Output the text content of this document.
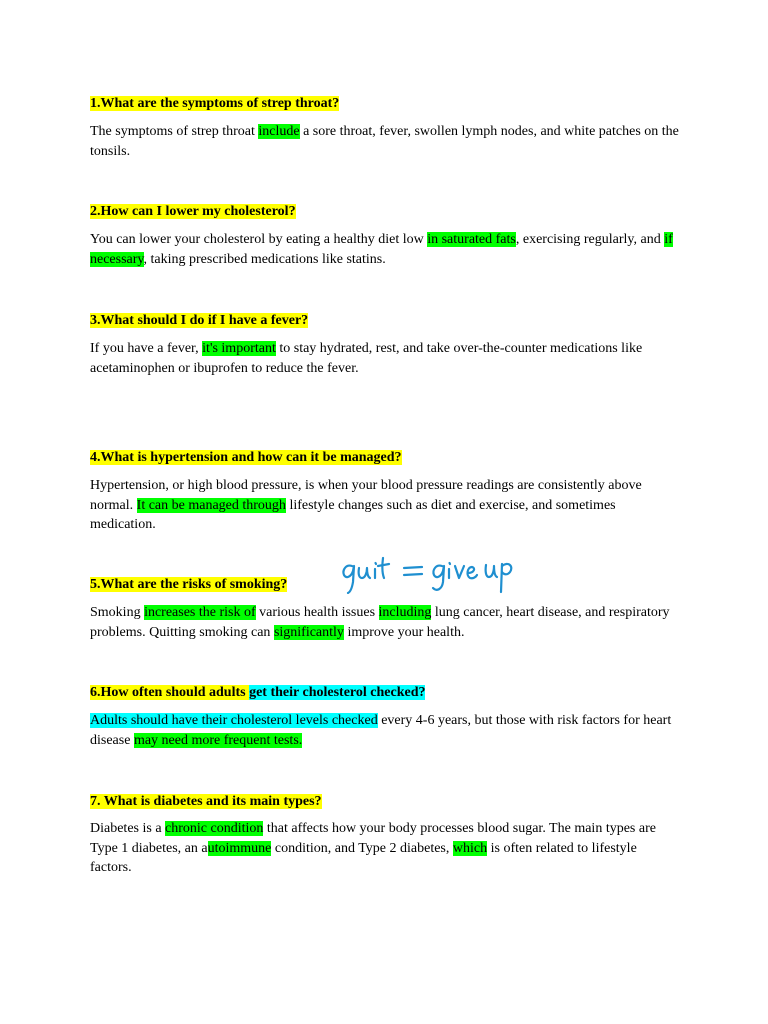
1.What are the symptoms of strep throat?

The symptoms of strep throat include a sore throat, fever, swollen lymph nodes, and white patches on the tonsils.

2.How can I lower my cholesterol?

You can lower your cholesterol by eating a healthy diet low in saturated fats, exercising regularly, and if necessary, taking prescribed medications like statins.

3.What should I do if I have a fever?

If you have a fever, it's important to stay hydrated, rest, and take over-the-counter medications like acetaminophen or ibuprofen to reduce the fever.

4.What is hypertension and how can it be managed?

Hypertension, or high blood pressure, is when your blood pressure readings are consistently above normal. It can be managed through lifestyle changes such as diet and exercise, and sometimes medication.

5.What are the risks of smoking?

Smoking increases the risk of various health issues including lung cancer, heart disease, and respiratory problems. Quitting smoking can significantly improve your health.

6.How often should adults get their cholesterol checked?

Adults should have their cholesterol levels checked every 4-6 years, but those with risk factors for heart disease may need more frequent tests.

7. What is diabetes and its main types?

Diabetes is a chronic condition that affects how your body processes blood sugar. The main types are Type 1 diabetes, an autoimmune condition, and Type 2 diabetes, which is often related to lifestyle factors.
